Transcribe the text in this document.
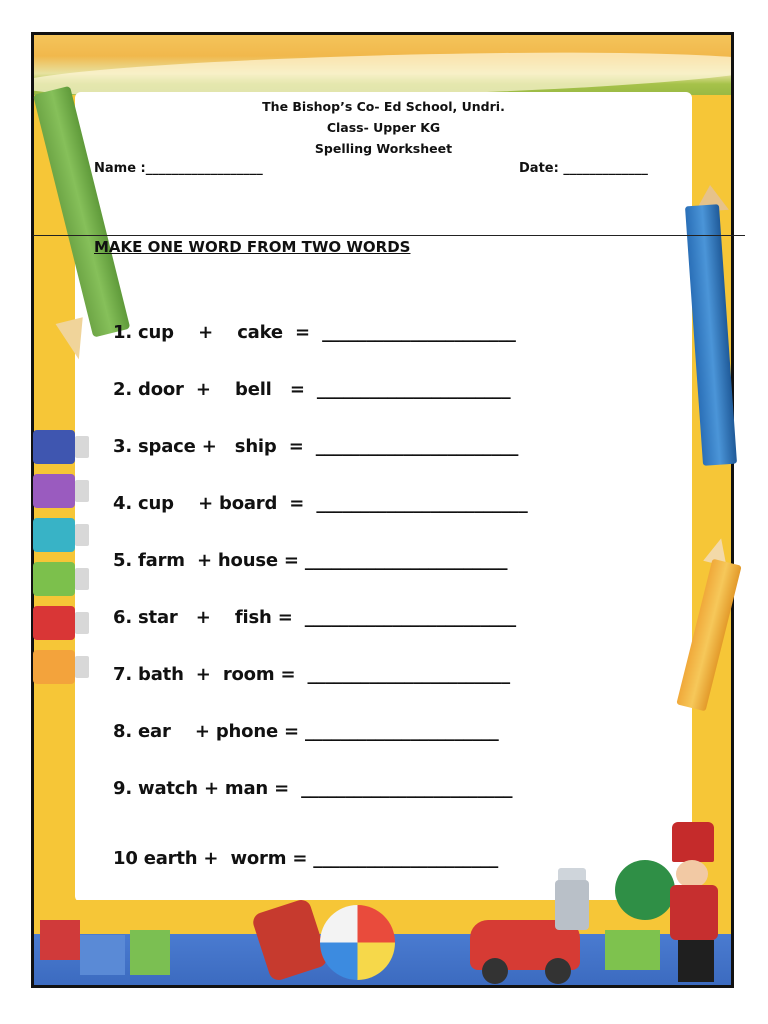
The Bishop’s Co- Ed School, Undri.
Class- Upper KG
Spelling Worksheet
Name :__________________	Date: _____________
MAKE ONE WORD FROM TWO WORDS
1. cup    +    cake  =  ______________________
2. door  +    bell   =  ______________________
3. space +   ship  =  _______________________
4. cup    + board  =  ________________________
5. farm  + house = _______________________
6. star   +    fish =  ________________________
7. bath  +  room =  _______________________
8. ear    + phone = ______________________
9. watch + man =  ________________________
10 earth +  worm = _____________________
